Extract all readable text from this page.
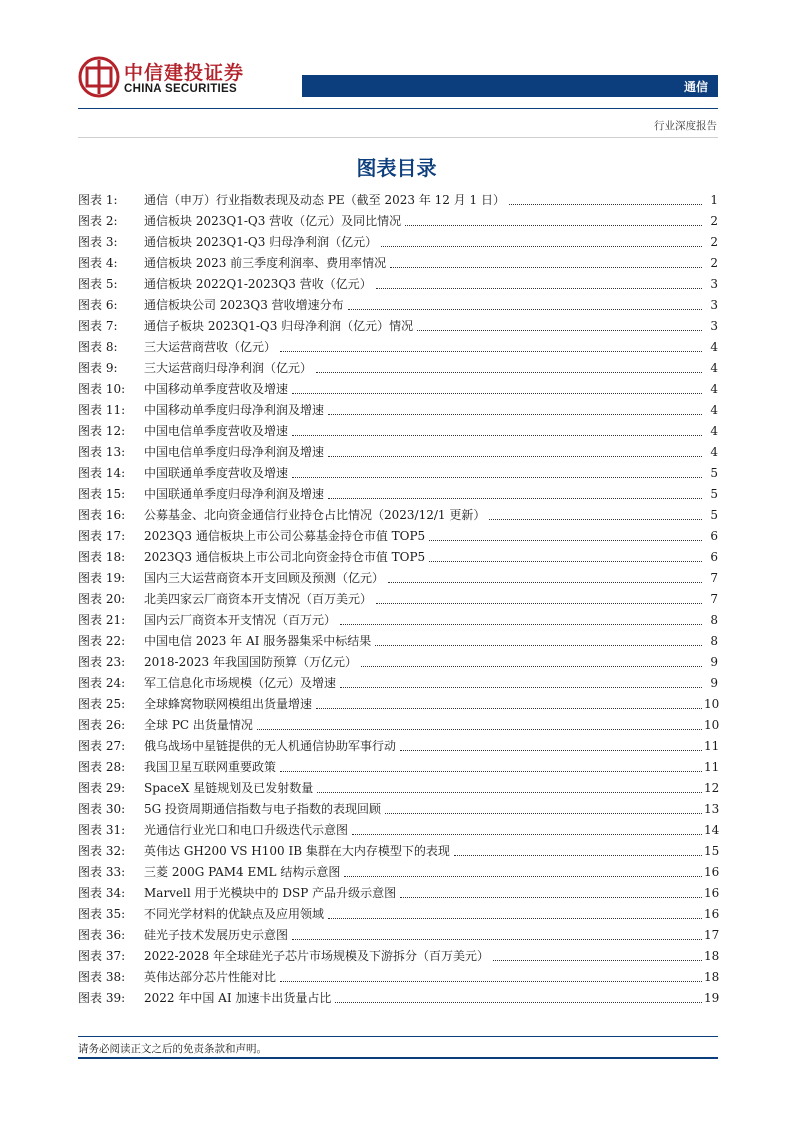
中信建投证券
CHINA SECURITIES	通信
行业深度报告
图表目录
图表 1:	通信（申万）行业指数表现及动态 PE（截至 2023 年 12 月 1 日）	1
图表 2:	通信板块 2023Q1-Q3 营收（亿元）及同比情况	2
图表 3:	通信板块 2023Q1-Q3 归母净利润（亿元）	2
图表 4:	通信板块 2023 前三季度利润率、费用率情况	2
图表 5:	通信板块 2022Q1-2023Q3 营收（亿元）	3
图表 6:	通信板块公司 2023Q3 营收增速分布	3
图表 7:	通信子板块 2023Q1-Q3 归母净利润（亿元）情况	3
图表 8:	三大运营商营收（亿元）	4
图表 9:	三大运营商归母净利润（亿元）	4
图表 10:	中国移动单季度营收及增速	4
图表 11:	中国移动单季度归母净利润及增速	4
图表 12:	中国电信单季度营收及增速	4
图表 13:	中国电信单季度归母净利润及增速	4
图表 14:	中国联通单季度营收及增速	5
图表 15:	中国联通单季度归母净利润及增速	5
图表 16:	公募基金、北向资金通信行业持仓占比情况（2023/12/1 更新）	5
图表 17:	2023Q3 通信板块上市公司公募基金持仓市值 TOP5	6
图表 18:	2023Q3 通信板块上市公司北向资金持仓市值 TOP5	6
图表 19:	国内三大运营商资本开支回顾及预测（亿元）	7
图表 20:	北美四家云厂商资本开支情况（百万美元）	7
图表 21:	国内云厂商资本开支情况（百万元）	8
图表 22:	中国电信 2023 年 AI 服务器集采中标结果	8
图表 23:	2018-2023 年我国国防预算（万亿元）	9
图表 24:	军工信息化市场规模（亿元）及增速	9
图表 25:	全球蜂窝物联网模组出货量增速	10
图表 26:	全球 PC 出货量情况	10
图表 27:	俄乌战场中星链提供的无人机通信协助军事行动	11
图表 28:	我国卫星互联网重要政策	11
图表 29:	SpaceX 星链规划及已发射数量	12
图表 30:	5G 投资周期通信指数与电子指数的表现回顾	13
图表 31:	光通信行业光口和电口升级迭代示意图	14
图表 32:	英伟达 GH200 VS H100 IB 集群在大内存模型下的表现	15
图表 33:	三菱 200G PAM4 EML 结构示意图	16
图表 34:	Marvell 用于光模块中的 DSP 产品升级示意图	16
图表 35:	不同光学材料的优缺点及应用领域	16
图表 36:	硅光子技术发展历史示意图	17
图表 37:	2022-2028 年全球硅光子芯片市场规模及下游拆分（百万美元）	18
图表 38:	英伟达部分芯片性能对比	18
图表 39:	2022 年中国 AI 加速卡出货量占比	19
请务必阅读正文之后的免责条款和声明。
